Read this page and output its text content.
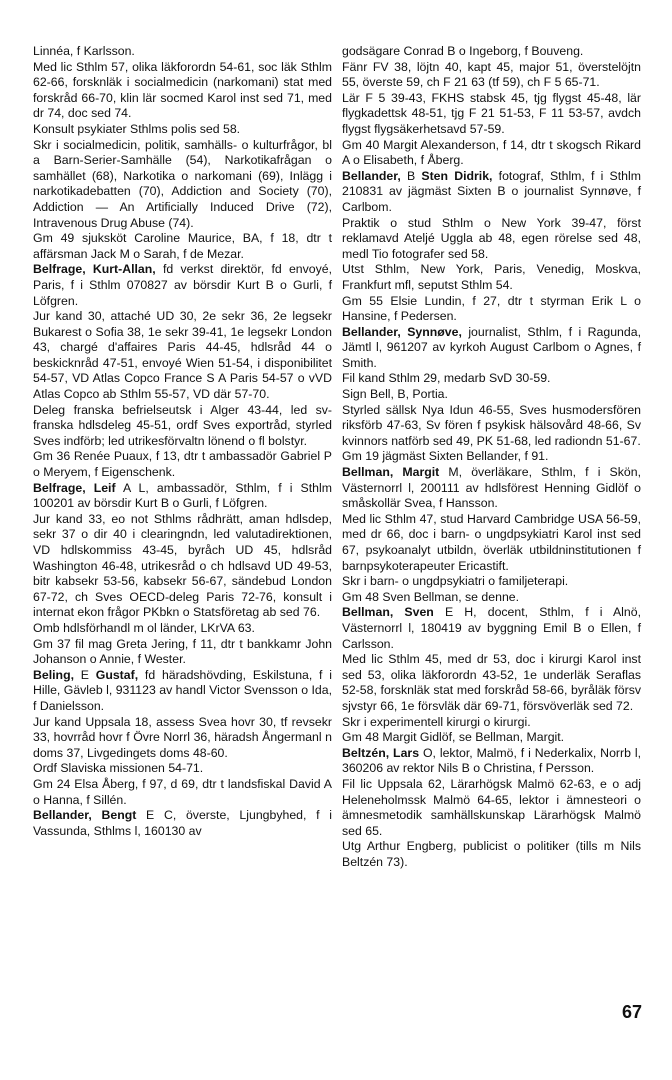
Linnéa, f Karlsson.

Med lic Sthlm 57, olika läkforordn 54-61, soc läk Sthlm 62-66, forsknläk i socialmedicin (narkomani) stat med forskråd 66-70, klin lär socmed Karol inst sed 71, med dr 74, doc sed 74.

Konsult psykiater Sthlms polis sed 58.

Skr i socialmedicin, politik, samhälls- o kulturfrågor, bl a Barn-Serier-Samhälle (54), Narkotikafrågan o samhället (68), Narkotika o narkomani (69), Inlägg i narkotikadebatten (70), Addiction and Society (70), Addiction — An Artificially Induced Drive (72), Intravenous Drug Abuse (74).

Gm 49 sjuksköt Caroline Maurice, BA, f 18, dtr t affärsman Jack M o Sarah, f de Mezar.

Belfrage, Kurt-Allan, fd verkst direktör, fd envoyé, Paris, f i Sthlm 070827 av börsdir Kurt B o Gurli, f Löfgren.

Jur kand 30, attaché UD 30, 2e sekr 36, 2e legsekr Bukarest o Sofia 38, 1e sekr 39-41, 1e legsekr London 43, chargé d'affaires Paris 44-45, hdlsråd 44 o beskicknråd 47-51, envoyé Wien 51-54, i disponibilitet 54-57, VD Atlas Copco France S A Paris 54-57 o vVD Atlas Copco ab Sthlm 55-57, VD där 57-70.

Deleg franska befrielseutsk i Alger 43-44, led sv-franska hdlsdeleg 45-51, ordf Sves exportråd, styrled Sves indförb; led utrikesförvaltn lönend o fl bolstyr.

Gm 36 Renée Puaux, f 13, dtr t ambassadör Gabriel P o Meryem, f Eigenschenk.

Belfrage, Leif A L, ambassadör, Sthlm, f i Sthlm 100201 av börsdir Kurt B o Gurli, f Löfgren.

Jur kand 33, eo not Sthlms rådhrätt, aman hdlsdep, sekr 37 o dir 40 i clearingndn, led valutadirektionen, VD hdlskommiss 43-45, byråch UD 45, hdlsråd Washington 46-48, utrikesråd o ch hdlsavd UD 49-53, bitr kabsekr 53-56, kabsekr 56-67, sändebud London 67-72, ch Sves OECD-deleg Paris 72-76, konsult i internat ekon frågor PKbkn o Statsföretag ab sed 76.

Omb hdlsförhandl m ol länder, LKrVA 63.

Gm 37 fil mag Greta Jering, f 11, dtr t bankkamr John Johanson o Annie, f Wester.

Beling, E Gustaf, fd häradshövding, Eskilstuna, f i Hille, Gävleb l, 931123 av handl Victor Svensson o Ida, f Danielsson.

Jur kand Uppsala 18, assess Svea hovr 30, tf revsekr 33, hovrråd hovr f Övre Norrl 36, häradsh Ångermanl n doms 37, Livgedingets doms 48-60.

Ordf Slaviska missionen 54-71.

Gm 24 Elsa Åberg, f 97, d 69, dtr t landsfiskal David A o Hanna, f Sillén.

Bellander, Bengt E C, överste, Ljungbyhed, f i Vassunda, Sthlms l, 160130 av

godsägare Conrad B o Ingeborg, f Bouveng.

Fänr FV 38, löjtn 40, kapt 45, major 51, överstelöjtn 55, överste 59, ch F 21 63 (tf 59), ch F 5 65-71.

Lär F 5 39-43, FKHS stabsk 45, tjg flygst 45-48, lär flygkadettsk 48-51, tjg F 21 51-53, F 11 53-57, avdch flygst flygsäkerhetsavd 57-59.

Gm 40 Margit Alexanderson, f 14, dtr t skogsch Rikard A o Elisabeth, f Åberg.

Bellander, B Sten Didrik, fotograf, Sthlm, f i Sthlm 210831 av jägmäst Sixten B o journalist Synnøve, f Carlbom.

Praktik o stud Sthlm o New York 39-47, först reklamavd Ateljé Uggla ab 48, egen rörelse sed 48, medl Tio fotografer sed 58.

Utst Sthlm, New York, Paris, Venedig, Moskva, Frankfurt mfl, seputst Sthlm 54.

Gm 55 Elsie Lundin, f 27, dtr t styrman Erik L o Hansine, f Pedersen.

Bellander, Synnøve, journalist, Sthlm, f i Ragunda, Jämtl l, 961207 av kyrkoh August Carlbom o Agnes, f Smith.

Fil kand Sthlm 29, medarb SvD 30-59.

Sign Bell, B, Portia.

Styrled sällsk Nya Idun 46-55, Sves husmodersfören riksförb 47-63, Sv fören f psykisk hälsovård 48-66, Sv kvinnors natförb sed 49, PK 51-68, led radiondn 51-67.

Gm 19 jägmäst Sixten Bellander, f 91.

Bellman, Margit M, överläkare, Sthlm, f i Skön, Västernorrl l, 200111 av hdlsförest Henning Gidlöf o småskollär Svea, f Hansson.

Med lic Sthlm 47, stud Harvard Cambridge USA 56-59, med dr 66, doc i barn- o ungdpsykiatri Karol inst sed 67, psykoanalyt utbildn, överläk utbildninstitutionen f barnpsykoterapeuter Ericastift.

Skr i barn- o ungdpsykiatri o familjeterapi.

Gm 48 Sven Bellman, se denne.

Bellman, Sven E H, docent, Sthlm, f i Alnö, Västernorrl l, 180419 av byggning Emil B o Ellen, f Carlsson.

Med lic Sthlm 45, med dr 53, doc i kirurgi Karol inst sed 53, olika läkforordn 43-52, 1e underläk Seraflas 52-58, forsknläk stat med forskråd 58-66, byråläk försv sjvstyr 66, 1e försvläk där 69-71, försvöverläk sed 72.

Skr i experimentell kirurgi o kirurgi.

Gm 48 Margit Gidlöf, se Bellman, Margit.

Beltzén, Lars O, lektor, Malmö, f i Nederkalix, Norrb l, 360206 av rektor Nils B o Christina, f Persson.

Fil lic Uppsala 62, Lärarhögsk Malmö 62-63, e o adj Heleneholmssk Malmö 64-65, lektor i ämnesteori o ämnesmetodik samhällskunskap Lärarhögsk Malmö sed 65.

Utg Arthur Engberg, publicist o politiker (tills m Nils Beltzén 73).

67
